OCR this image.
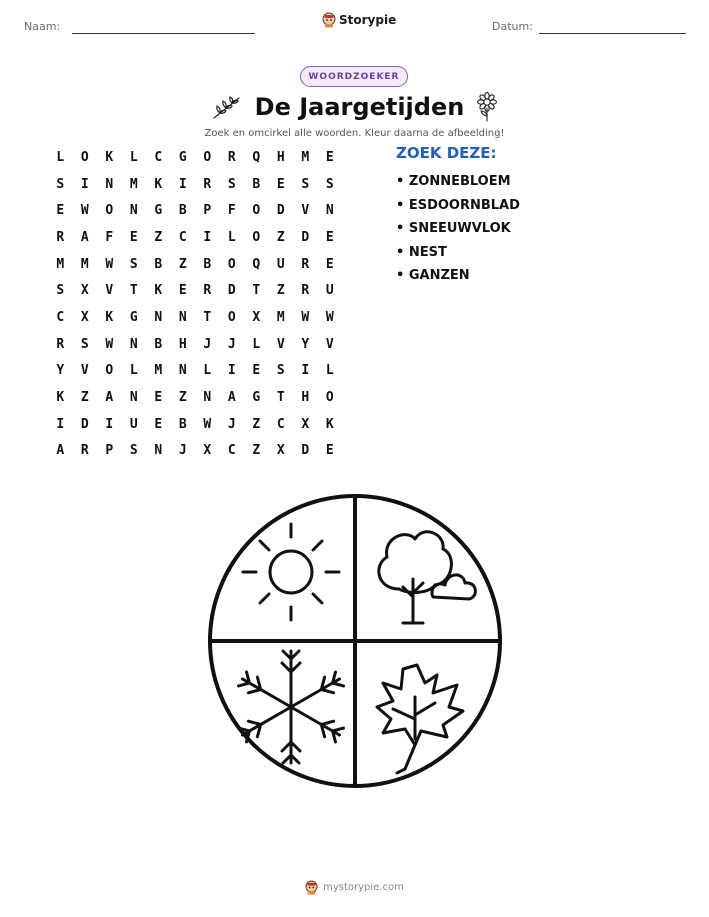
Naam:	Storypie	Datum:
WOORDZOEKER
De Jaargetijden
Zoek en omcirkel alle woorden. Kleur daarna de afbeelding!
L	O	K	L	C	G	O	R	Q	H	M	E
S	I	N	M	K	I	R	S	B	E	S	S
E	W	O	N	G	B	P	F	O	D	V	N
R	A	F	E	Z	C	I	L	O	Z	D	E
M	M	W	S	B	Z	B	O	Q	U	R	E
S	X	V	T	K	E	R	D	T	Z	R	U
C	X	K	G	N	N	T	O	X	M	W	W
R	S	W	N	B	H	J	J	L	V	Y	V
Y	V	O	L	M	N	L	I	E	S	I	L
K	Z	A	N	E	Z	N	A	G	T	H	O
I	D	I	U	E	B	W	J	Z	C	X	K
A	R	P	S	N	J	X	C	Z	X	D	E
ZOEK DEZE:
• ZONNEBLOEM
• ESDOORNBLAD
• SNEEUWVLOK
• NEST
• GANZEN
mystorypie.com
